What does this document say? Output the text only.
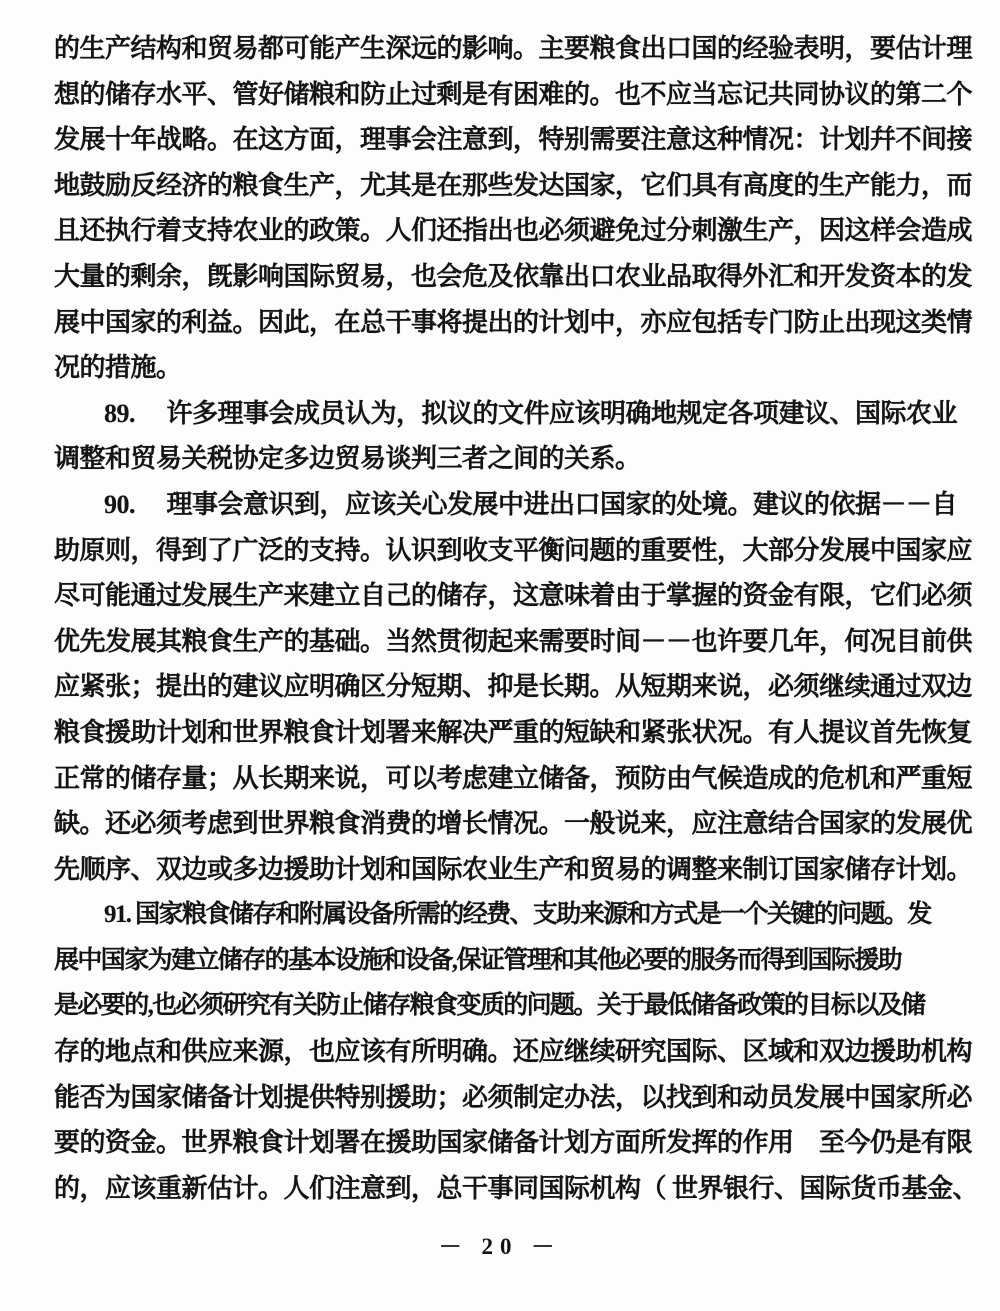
的生产结构和贸易都可能产生深远的影响。主要粮食出口国的经验表明，要估计理
想的储存水平、管好储粮和防止过剩是有困难的。也不应当忘记共同协议的第二个
发展十年战略。在这方面，理事会注意到，特别需要注意这种情况：计划幷不间接
地鼓励反经济的粮食生产，尤其是在那些发达国家，它们具有高度的生产能力，而
且还执行着支持农业的政策。人们还指出也必须避免过分刺激生产，因这样会造成
大量的剩余，旣影响国际贸易，也会危及依靠出口农业品取得外汇和开发资本的发
展中国家的利益。因此，在总干事将提出的计划中，亦应包括专门防止出现这类情
况的措施。
89.　 许多理事会成员认为，拟议的文件应该明确地规定各项建议、国际农业
调整和贸易关税协定多边贸易谈判三者之间的关系。
90.　 理事会意识到，应该关心发展中进出口国家的处境。建议的依据－－自
助原则，得到了广泛的支持。认识到收支平衡问题的重要性，大部分发展中国家应
尽可能通过发展生产来建立自己的储存，这意味着由于掌握的资金有限，它们必须
优先发展其粮食生产的基础。当然贯彻起来需要时间－－也许要几年，何况目前供
应紧张；提出的建议应明确区分短期、抑是长期。从短期来说，必须继续通过双边
粮食援助计划和世界粮食计划署来解决严重的短缺和紧张状况。有人提议首先恢复
正常的储存量；从长期来说，可以考虑建立储备，预防由气候造成的危机和严重短
缺。还必须考虑到世界粮食消费的增长情况。一般说来，应注意结合国家的发展优
先顺序、双边或多边援助计划和国际农业生产和贸易的调整来制订国家储存计划。
91. 国家粮食储存和附属设备所需的经费、支助来源和方式是一个关键的问题。发
展中国家为建立储存的基本设施和设备,保证管理和其他必要的服务而得到国际援助
是必要的,也必须研究有关防止储存粮食变质的问题。关于最低储备政策的目标以及储
存的地点和供应来源，也应该有所明确。还应继续研究国际、区域和双边援助机构
能否为国家储备计划提供特别援助；必须制定办法，以找到和动员发展中国家所必
要的资金。世界粮食计划署在援助国家储备计划方面所发挥的作用　至今仍是有限
的，应该重新估计。人们注意到，总干事同国际机构（ 世界银行、国际货币基金、
－ 20 －
